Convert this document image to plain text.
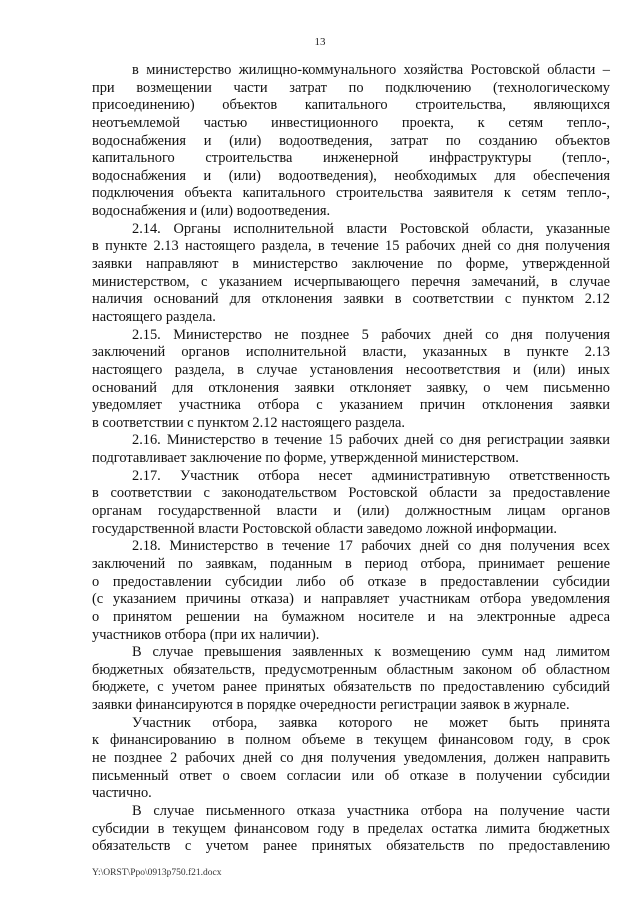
13
в министерство жилищно-коммунального хозяйства Ростовской области –
при возмещении части затрат по подключению (технологическому
присоединению) объектов капитального строительства, являющихся
неотъемлемой частью инвестиционного проекта, к сетям тепло-,
водоснабжения и (или) водоотведения, затрат по созданию объектов
капитального строительства инженерной инфраструктуры (тепло-,
водоснабжения и (или) водоотведения), необходимых для обеспечения
подключения объекта капитального строительства заявителя к сетям тепло-,
водоснабжения и (или) водоотведения.
2.14. Органы исполнительной власти Ростовской области, указанные
в пункте 2.13 настоящего раздела, в течение 15 рабочих дней со дня получения
заявки направляют в министерство заключение по форме, утвержденной
министерством, с указанием исчерпывающего перечня замечаний, в случае
наличия оснований для отклонения заявки в соответствии с пунктом 2.12
настоящего раздела.
2.15. Министерство не позднее 5 рабочих дней со дня получения
заключений органов исполнительной власти, указанных в пункте 2.13
настоящего раздела, в случае установления несоответствия и (или) иных
оснований для отклонения заявки отклоняет заявку, о чем письменно
уведомляет участника отбора с указанием причин отклонения заявки
в соответствии с пунктом 2.12 настоящего раздела.
2.16. Министерство в течение 15 рабочих дней со дня регистрации заявки
подготавливает заключение по форме, утвержденной министерством.
2.17. Участник отбора несет административную ответственность
в соответствии с законодательством Ростовской области за предоставление
органам государственной власти и (или) должностным лицам органов
государственной власти Ростовской области заведомо ложной информации.
2.18. Министерство в течение 17 рабочих дней со дня получения всех
заключений по заявкам, поданным в период отбора, принимает решение
о предоставлении субсидии либо об отказе в предоставлении субсидии
(с указанием причины отказа) и направляет участникам отбора уведомления
о принятом решении на бумажном носителе и на электронные адреса
участников отбора (при их наличии).
В случае превышения заявленных к возмещению сумм над лимитом
бюджетных обязательств, предусмотренным областным законом об областном
бюджете, с учетом ранее принятых обязательств по предоставлению субсидий
заявки финансируются в порядке очередности регистрации заявок в журнале.
Участник отбора, заявка которого не может быть принята
к финансированию в полном объеме в текущем финансовом году, в срок
не позднее 2 рабочих дней со дня получения уведомления, должен направить
письменный ответ о своем согласии или об отказе в получении субсидии
частично.
В случае письменного отказа участника отбора на получение части
субсидии в текущем финансовом году в пределах остатка лимита бюджетных
обязательств с учетом ранее принятых обязательств по предоставлению
Y:\ORST\Ppo\0913p750.f21.docx
